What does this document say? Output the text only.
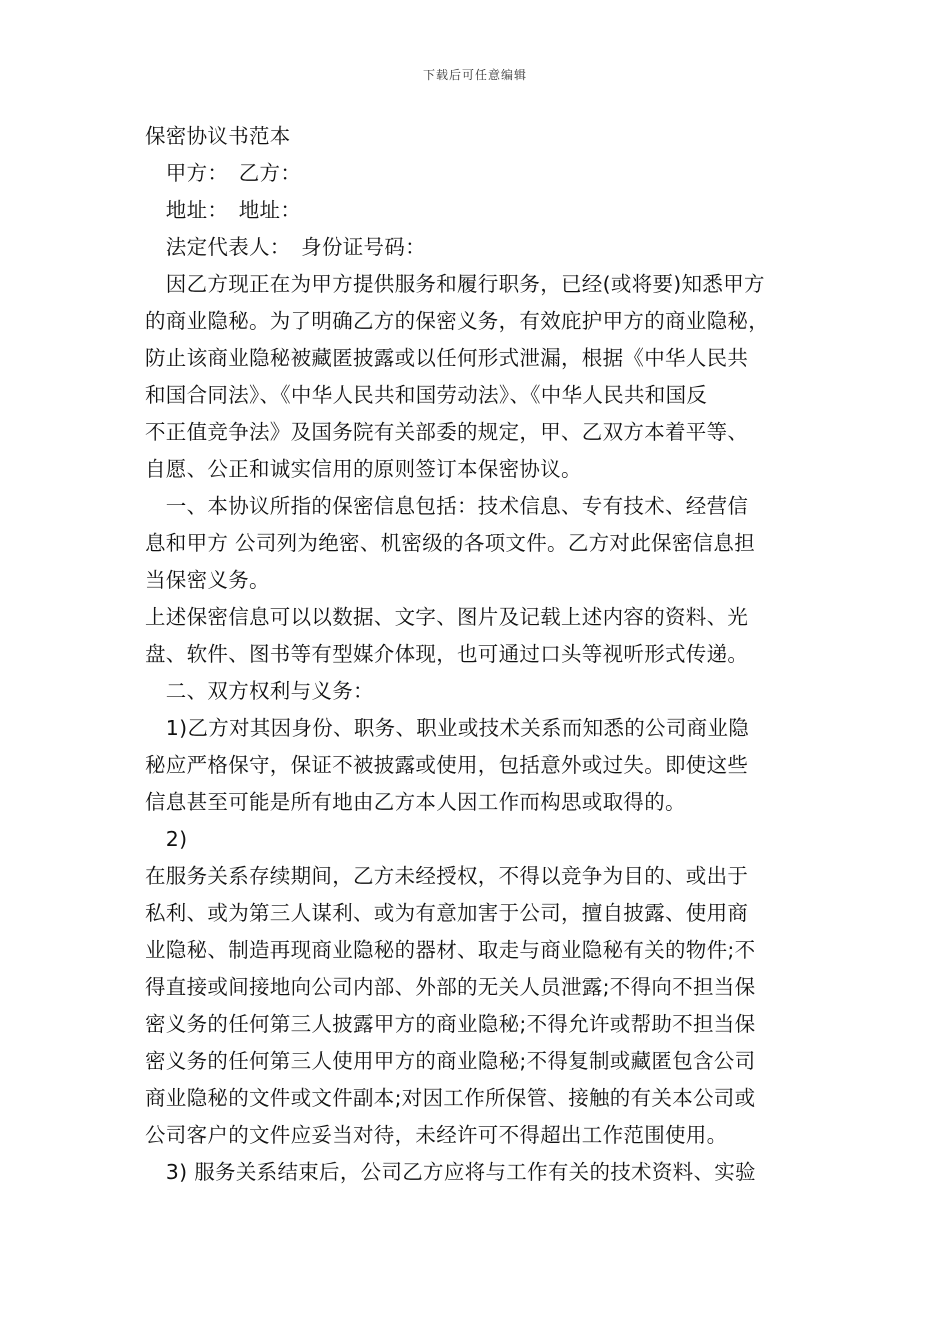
下载后可任意编辑
保密协议书范本
　甲方：　乙方：
　地址：　地址：
　法定代表人：　身份证号码：
　因乙方现正在为甲方提供服务和履行职务，已经(或将要)知悉甲方
的商业隐秘。为了明确乙方的保密义务，有效庇护甲方的商业隐秘，
防止该商业隐秘被藏匿披露或以任何形式泄漏，根据《中华人民共
和国合同法》、《中华人民共和国劳动法》、《中华人民共和国反
不正值竞争法》及国务院有关部委的规定，甲、乙双方本着平等、
自愿、公正和诚实信用的原则签订本保密协议。
　一、本协议所指的保密信息包括：技术信息、专有技术、经营信
息和甲方 公司列为绝密、机密级的各项文件。乙方对此保密信息担
当保密义务。
上述保密信息可以以数据、文字、图片及记载上述内容的资料、光
盘、软件、图书等有型媒介体现，也可通过口头等视听形式传递。
　二、双方权利与义务：
　1)乙方对其因身份、职务、职业或技术关系而知悉的公司商业隐
秘应严格保守，保证不被披露或使用，包括意外或过失。即使这些
信息甚至可能是所有地由乙方本人因工作而构思或取得的。
　2)
在服务关系存续期间，乙方未经授权，不得以竞争为目的、或出于
私利、或为第三人谋利、或为有意加害于公司，擅自披露、使用商
业隐秘、制造再现商业隐秘的器材、取走与商业隐秘有关的物件;不
得直接或间接地向公司内部、外部的无关人员泄露;不得向不担当保
密义务的任何第三人披露甲方的商业隐秘;不得允许或帮助不担当保
密义务的任何第三人使用甲方的商业隐秘;不得复制或藏匿包含公司
商业隐秘的文件或文件副本;对因工作所保管、接触的有关本公司或
公司客户的文件应妥当对待，未经许可不得超出工作范围使用。
　3) 服务关系结束后，公司乙方应将与工作有关的技术资料、实验
